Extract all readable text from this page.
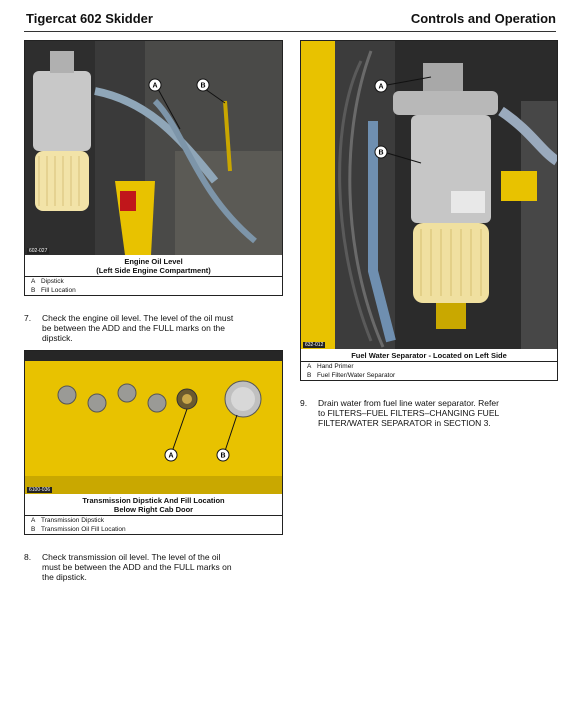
Tigercat 602 Skidder	Controls and Operation
A	B
602-027
Engine Oil Level
(Left Side Engine Compartment)
A Dipstick
B Fill Location
7. Check the engine oil level. The level of the oil must
be between the ADD and the FULL marks on the
dipstick.
A	B
6100-036
Transmission Dipstick And Fill Location
Below Right Cab Door
A Transmission Dipstick
B Transmission Oil Fill Location
8. Check transmission oil level. The level of the oil
must be between the ADD and the FULL marks on
the dipstick.
A
B
632-012
Fuel Water Separator - Located on Left Side
A Hand Primer
B Fuel Filter/Water Separator
9. Drain water from fuel line water separator. Refer
to FILTERS–FUEL FILTERS–CHANGING FUEL
FILTER/WATER SEPARATOR in SECTION 3.
